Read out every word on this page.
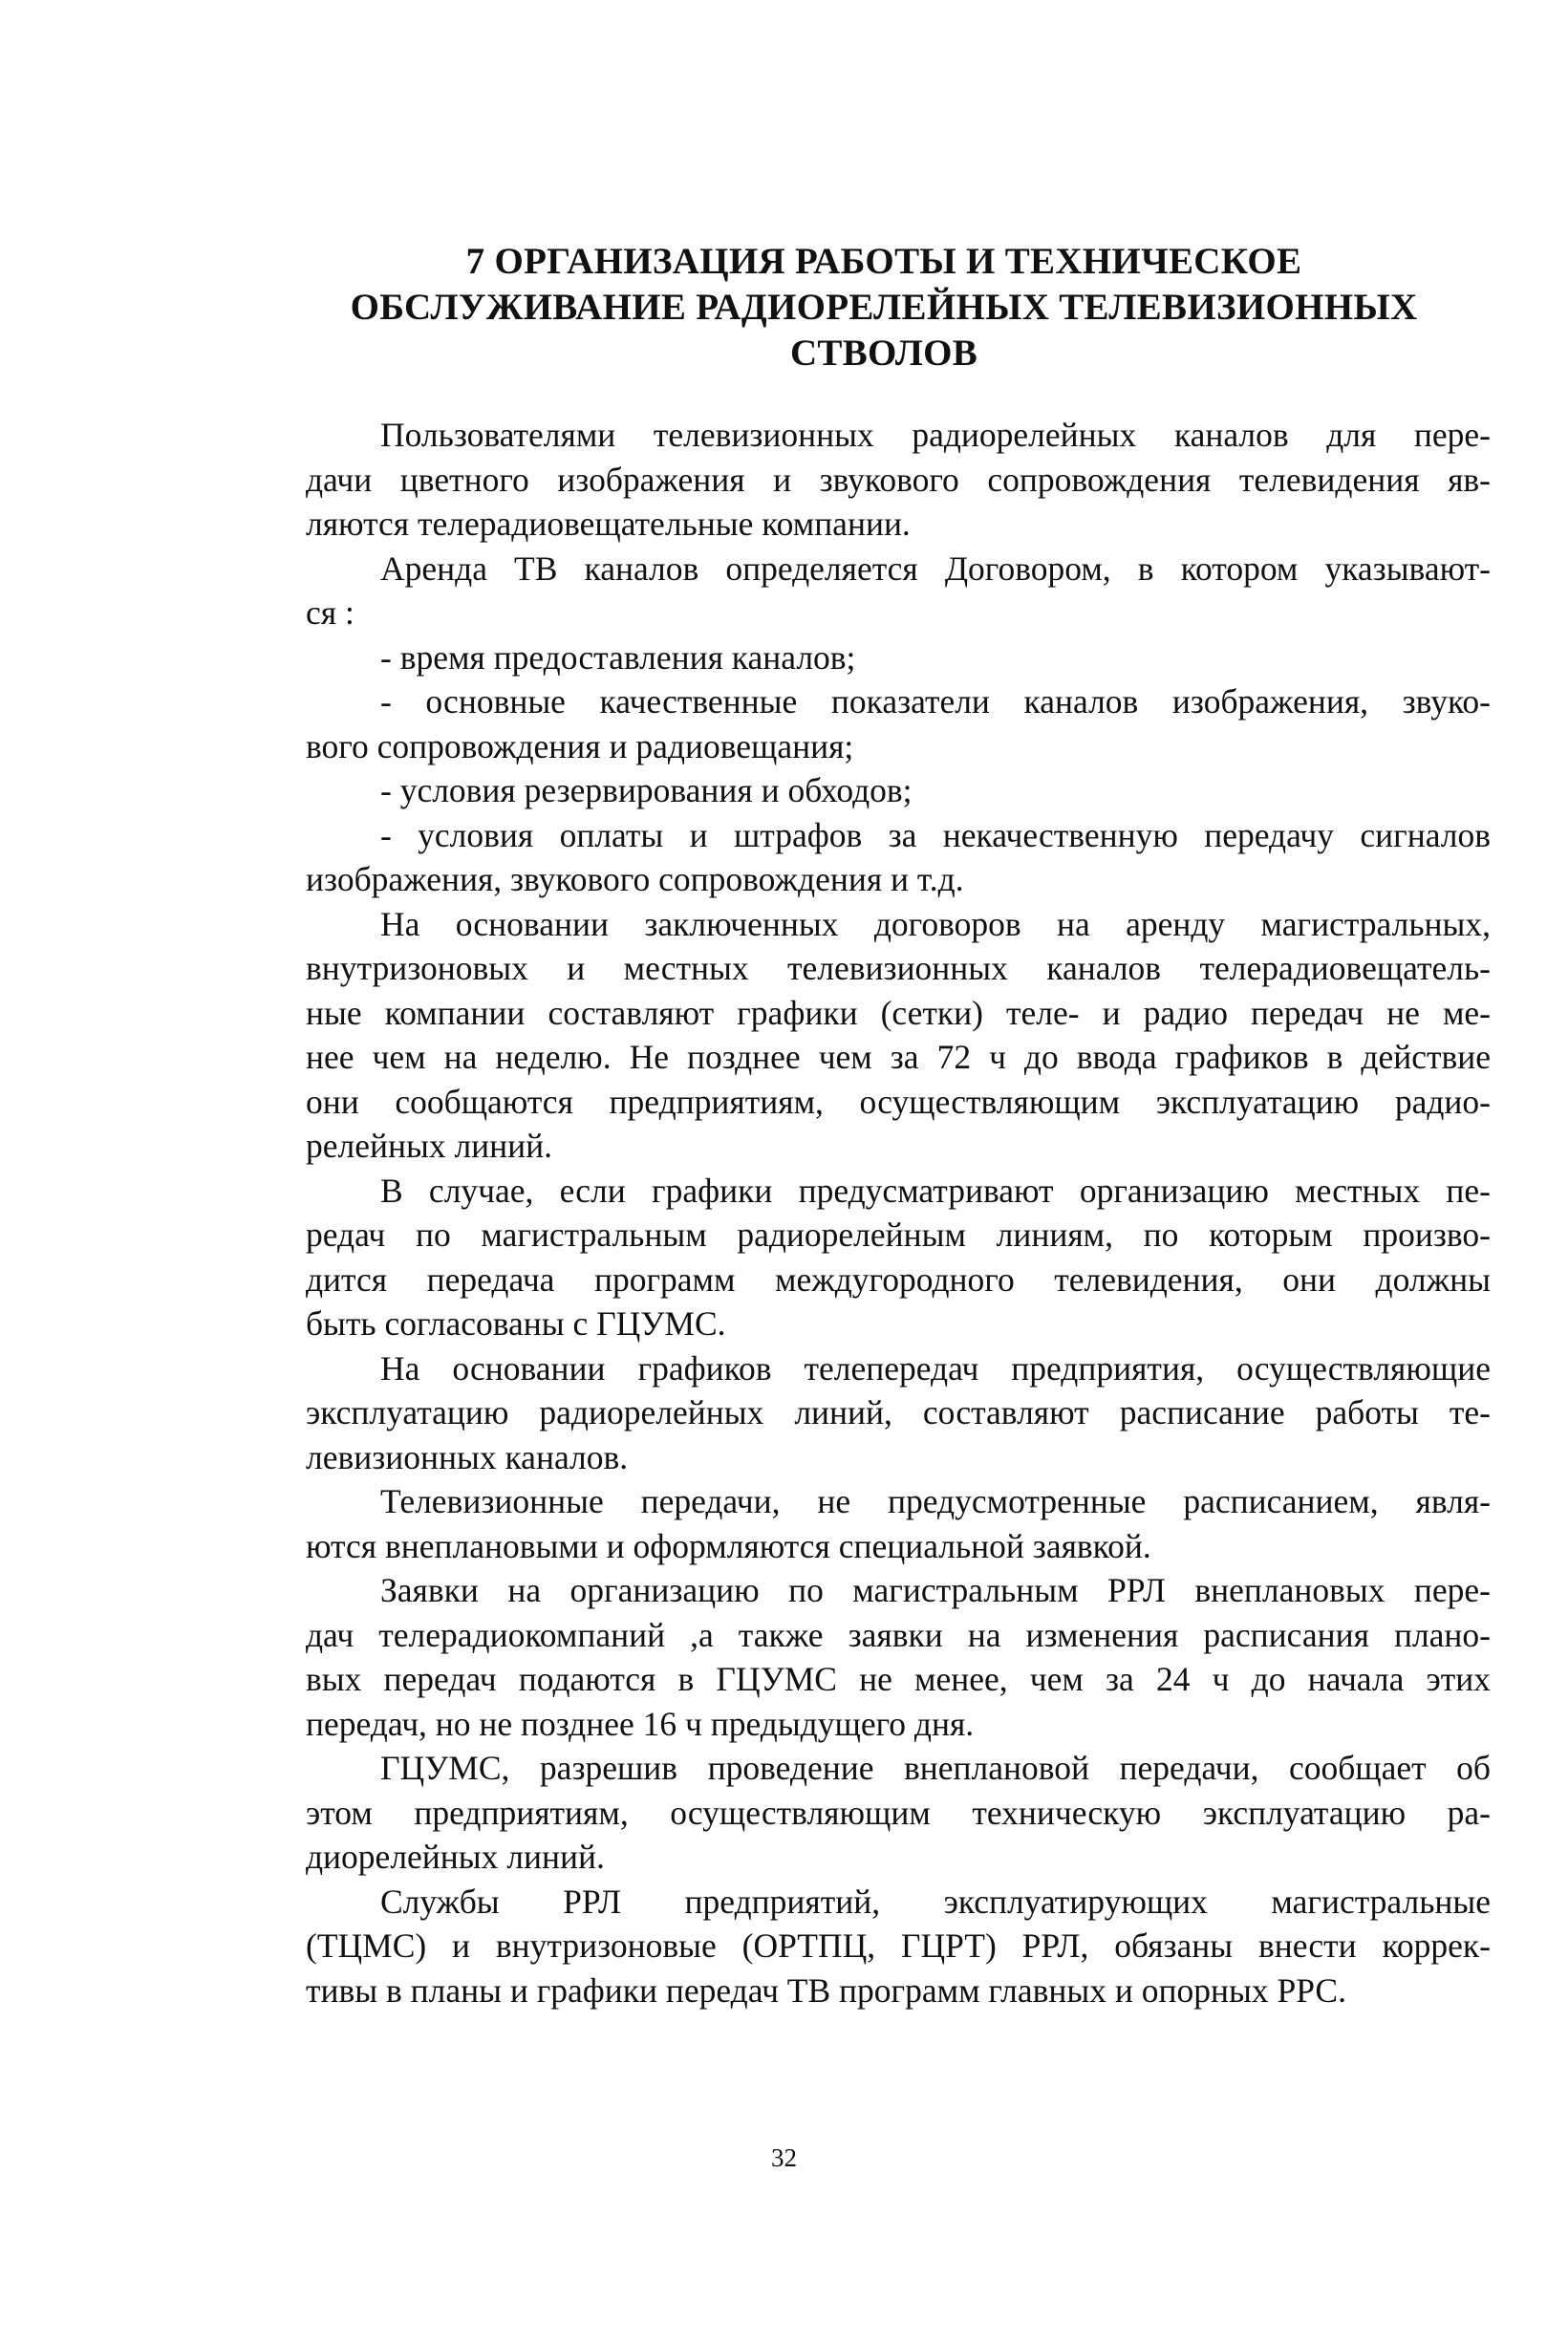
7 ОРГАНИЗАЦИЯ РАБОТЫ И ТЕХНИЧЕСКОЕ
ОБСЛУЖИВАНИЕ РАДИОРЕЛЕЙНЫХ ТЕЛЕВИЗИОННЫХ
СТВОЛОВ

Пользователями телевизионных радиорелейных каналов для пере-
дачи цветного изображения и звукового сопровождения телевидения яв-
ляются телерадиовещательные компании.

Аренда ТВ каналов определяется Договором, в котором указывают-
ся :

- время предоставления каналов;

- основные качественные показатели каналов изображения, звуко-
вого сопровождения и радиовещания;

- условия резервирования и обходов;

- условия оплаты и штрафов за некачественную передачу сигналов
изображения, звукового сопровождения и т.д.

На основании заключенных договоров на аренду магистральных,
внутризоновых и местных телевизионных каналов телерадиовещатель-
ные компании составляют графики (сетки) теле- и радио передач не ме-
нее чем на неделю. Не позднее чем за 72 ч до ввода графиков в действие
они сообщаются предприятиям, осуществляющим эксплуатацию радио-
релейных линий.

В случае, если графики предусматривают организацию местных пе-
редач по магистральным радиорелейным линиям, по которым произво-
дится передача программ междугородного телевидения, они должны
быть согласованы с ГЦУМС.

На основании графиков телепередач предприятия, осуществляющие
эксплуатацию радиорелейных линий, составляют расписание работы те-
левизионных каналов.

Телевизионные передачи, не предусмотренные расписанием, явля-
ются внеплановыми и оформляются специальной заявкой.

Заявки на организацию по магистральным РРЛ внеплановых пере-
дач телерадиокомпаний ,а также заявки на изменения расписания плано-
вых передач подаются в ГЦУМС не менее, чем за 24 ч до начала этих
передач, но не позднее 16 ч предыдущего дня.

ГЦУМС, разрешив проведение внеплановой передачи, сообщает об
этом предприятиям, осуществляющим техническую эксплуатацию ра-
диорелейных линий.

Службы РРЛ предприятий, эксплуатирующих магистральные
(ТЦМС) и внутризоновые (ОРТПЦ, ГЦРТ) РРЛ, обязаны внести коррек-
тивы в планы и графики передач ТВ программ главных и опорных РРС.

32
